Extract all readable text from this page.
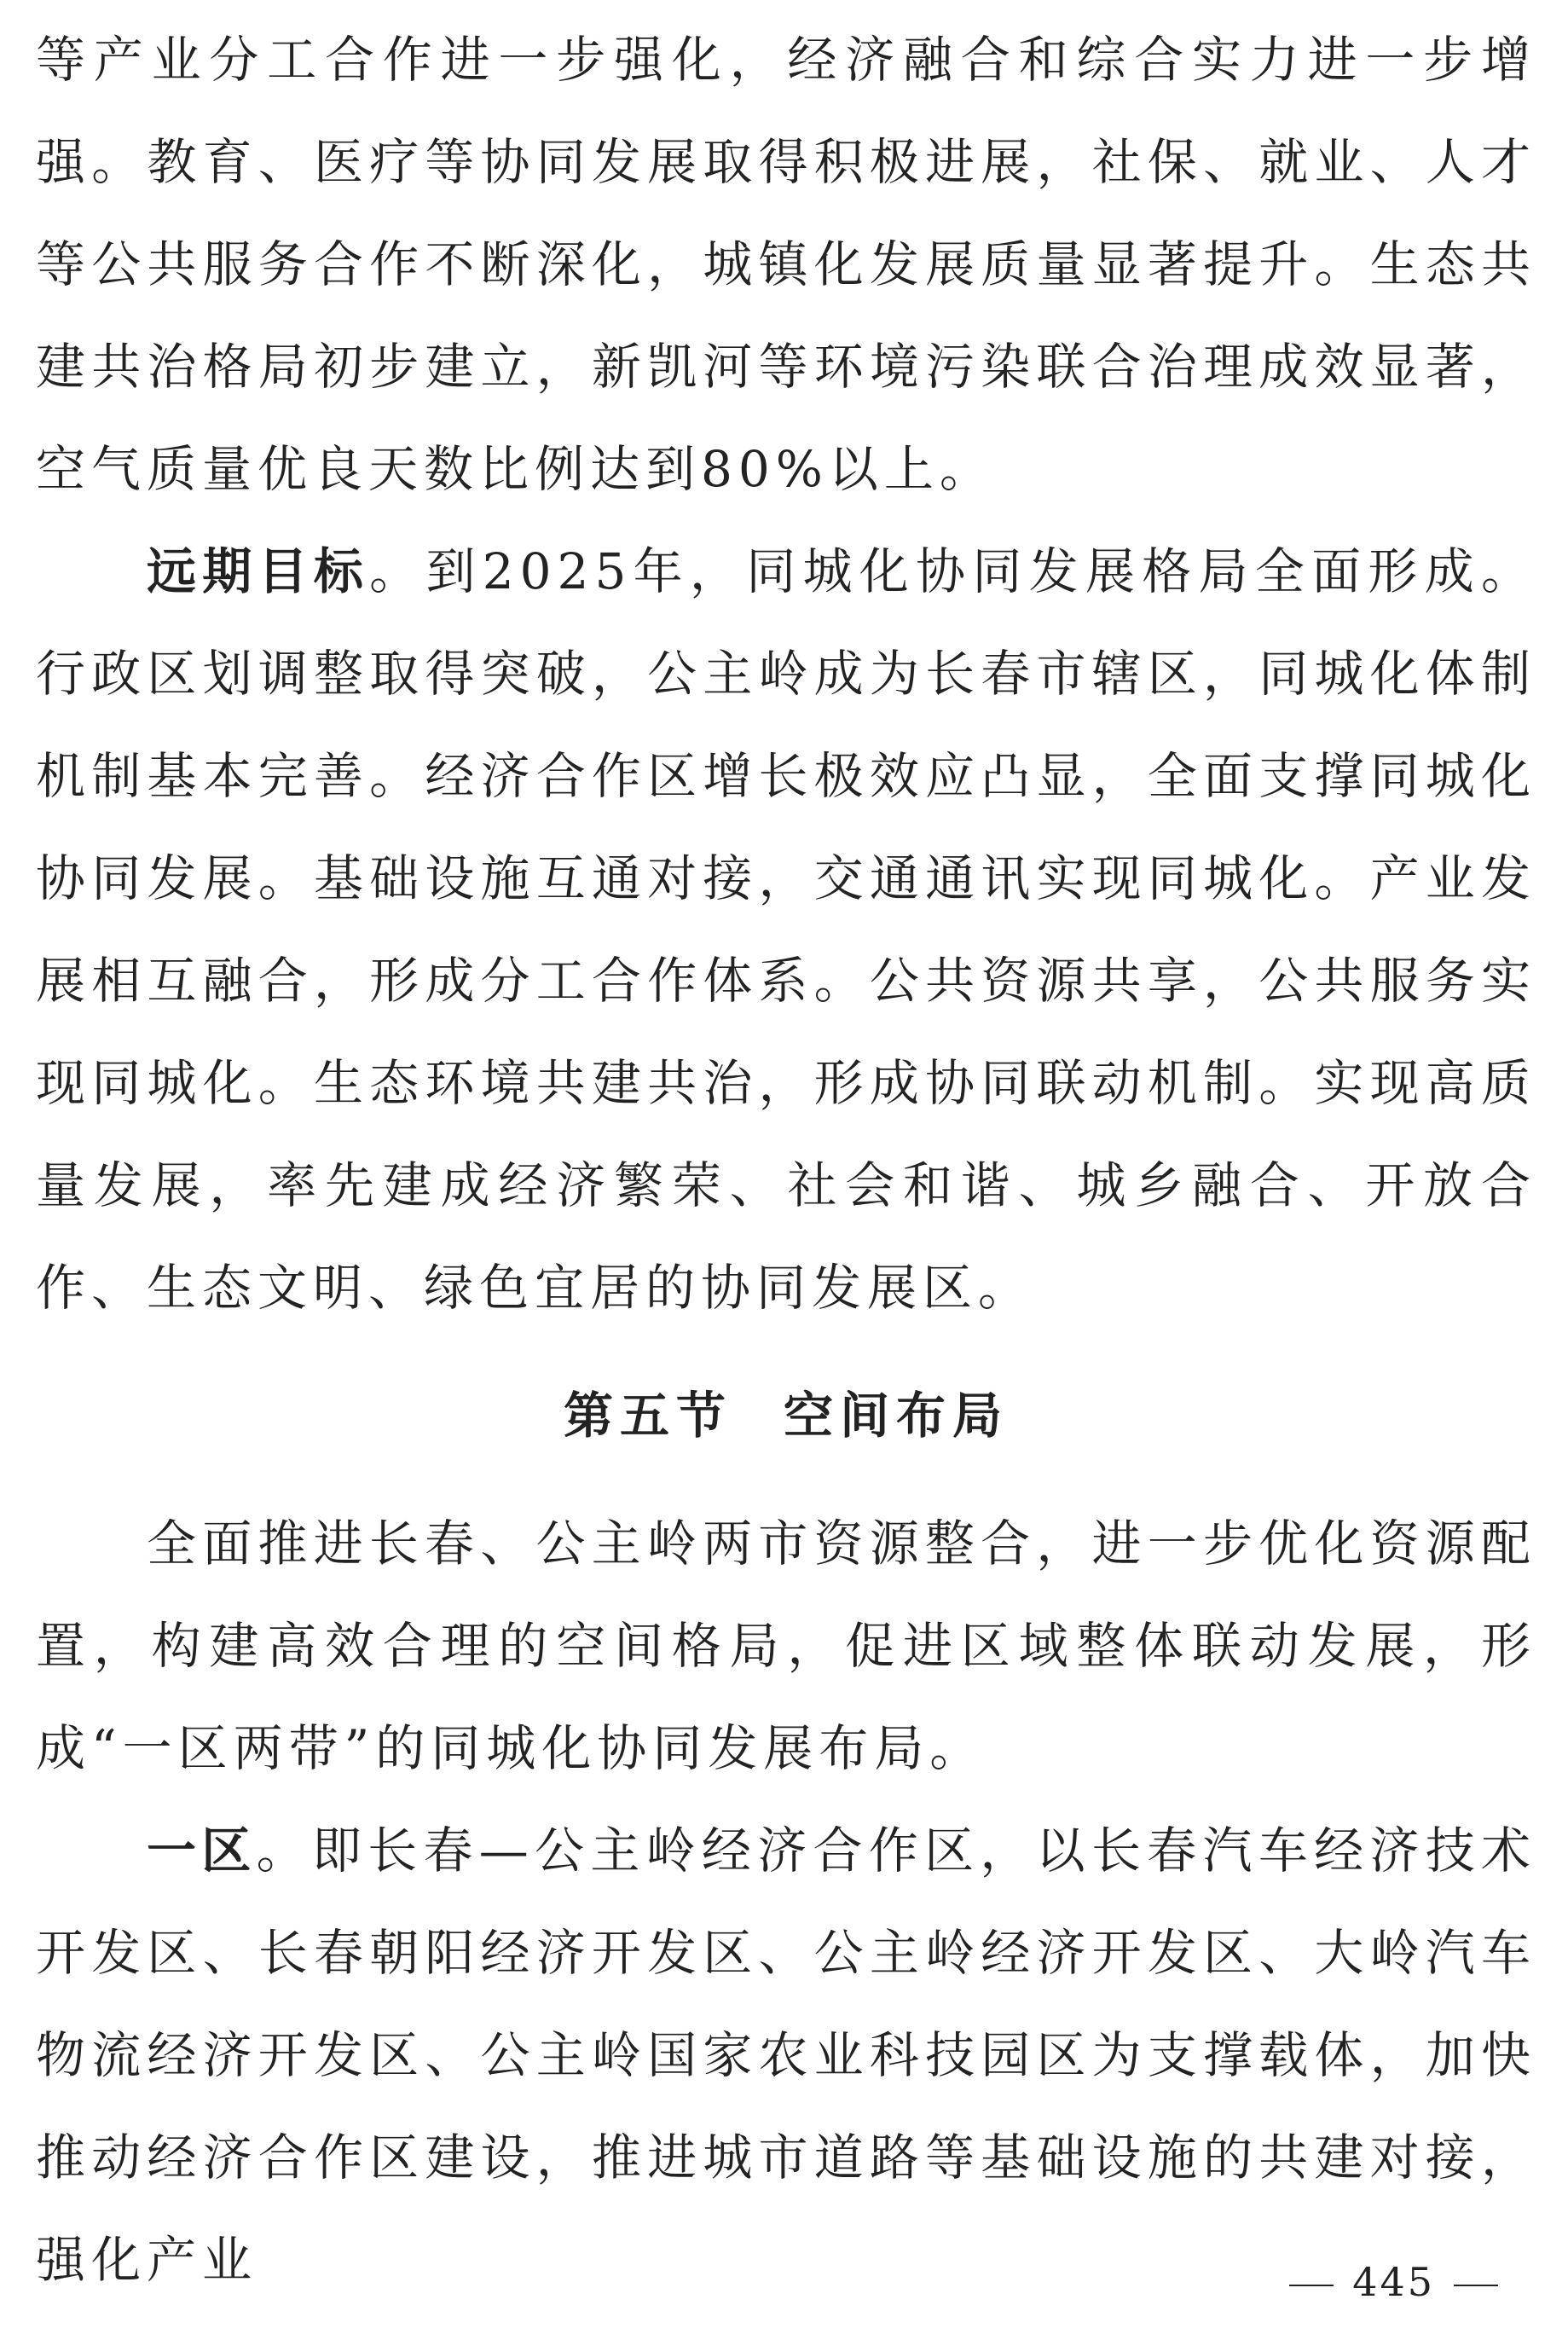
等产业分工合作进一步强化，经济融合和综合实力进一步增强。教育、医疗等协同发展取得积极进展，社保、就业、人才等公共服务合作不断深化，城镇化发展质量显著提升。生态共建共治格局初步建立，新凯河等环境污染联合治理成效显著，空气质量优良天数比例达到80%以上。

远期目标。到2025年，同城化协同发展格局全面形成。行政区划调整取得突破，公主岭成为长春市辖区，同城化体制机制基本完善。经济合作区增长极效应凸显，全面支撑同城化协同发展。基础设施互通对接，交通通讯实现同城化。产业发展相互融合，形成分工合作体系。公共资源共享，公共服务实现同城化。生态环境共建共治，形成协同联动机制。实现高质量发展，率先建成经济繁荣、社会和谐、城乡融合、开放合作、生态文明、绿色宜居的协同发展区。

第五节 空间布局

全面推进长春、公主岭两市资源整合，进一步优化资源配置，构建高效合理的空间格局，促进区域整体联动发展，形成“一区两带”的同城化协同发展布局。

一区。即长春—公主岭经济合作区，以长春汽车经济技术开发区、长春朝阳经济开发区、公主岭经济开发区、大岭汽车物流经济开发区、公主岭国家农业科技园区为支撑载体，加快推动经济合作区建设，推进城市道路等基础设施的共建对接，强化产业	445
